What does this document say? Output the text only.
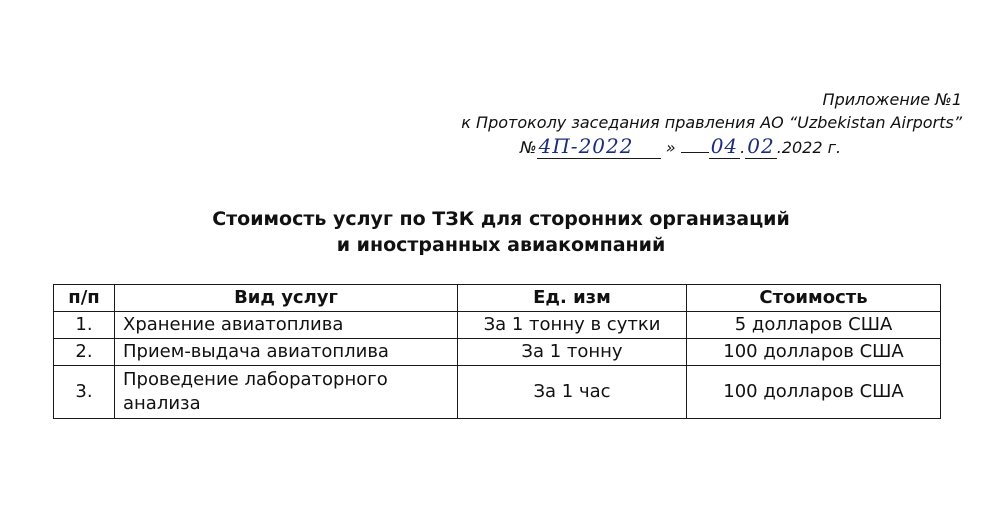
Приложение №1
к Протоколу заседания правления АО “Uzbekistan Airports”
№ 4П-2022 » 04 . 02 .2022 г.
Стоимость услуг по ТЗК для сторонних организаций
и иностранных авиакомпаний
п/п	Вид услуг	Ед. изм	Стоимость
1.	Хранение авиатоплива	За 1 тонну в сутки	5 долларов США
2.	Прием-выдача авиатоплива	За 1 тонну	100 долларов США
3.	Проведение лабораторного анализа	За 1 час	100 долларов США
